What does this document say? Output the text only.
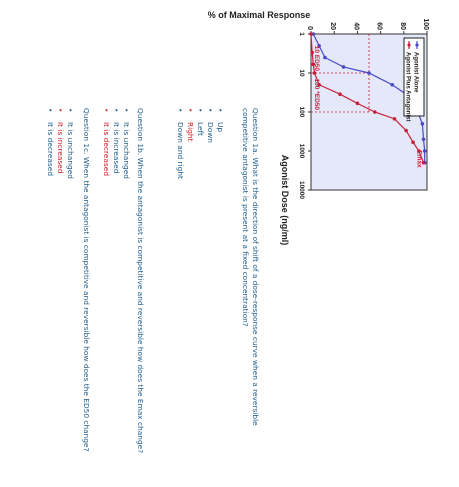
% of Maximal Response
Agonist Dose (ng/ml)
0 20 40 60 80 100
1
10
100
1000
10000
Agonist Alone
Agonist Plus Antagonist
10 ED50
100 *ED50
Emax
Question 1a. What is the direction of shift of a dose-response curve when a reversible competitive antagonist is present at a fixed concentration?
•Up
•Down
•Left
•Right
•Down and right
Question 1b. When the antagonist is competitive and reversible how does the Emax change?
•It is unchanged
•It is increased
•It is decreased
Question 1c. When the antagonist is competitive and reversible how does the ED50 change?
•It is unchanged
•It is increased
•It is decreased
